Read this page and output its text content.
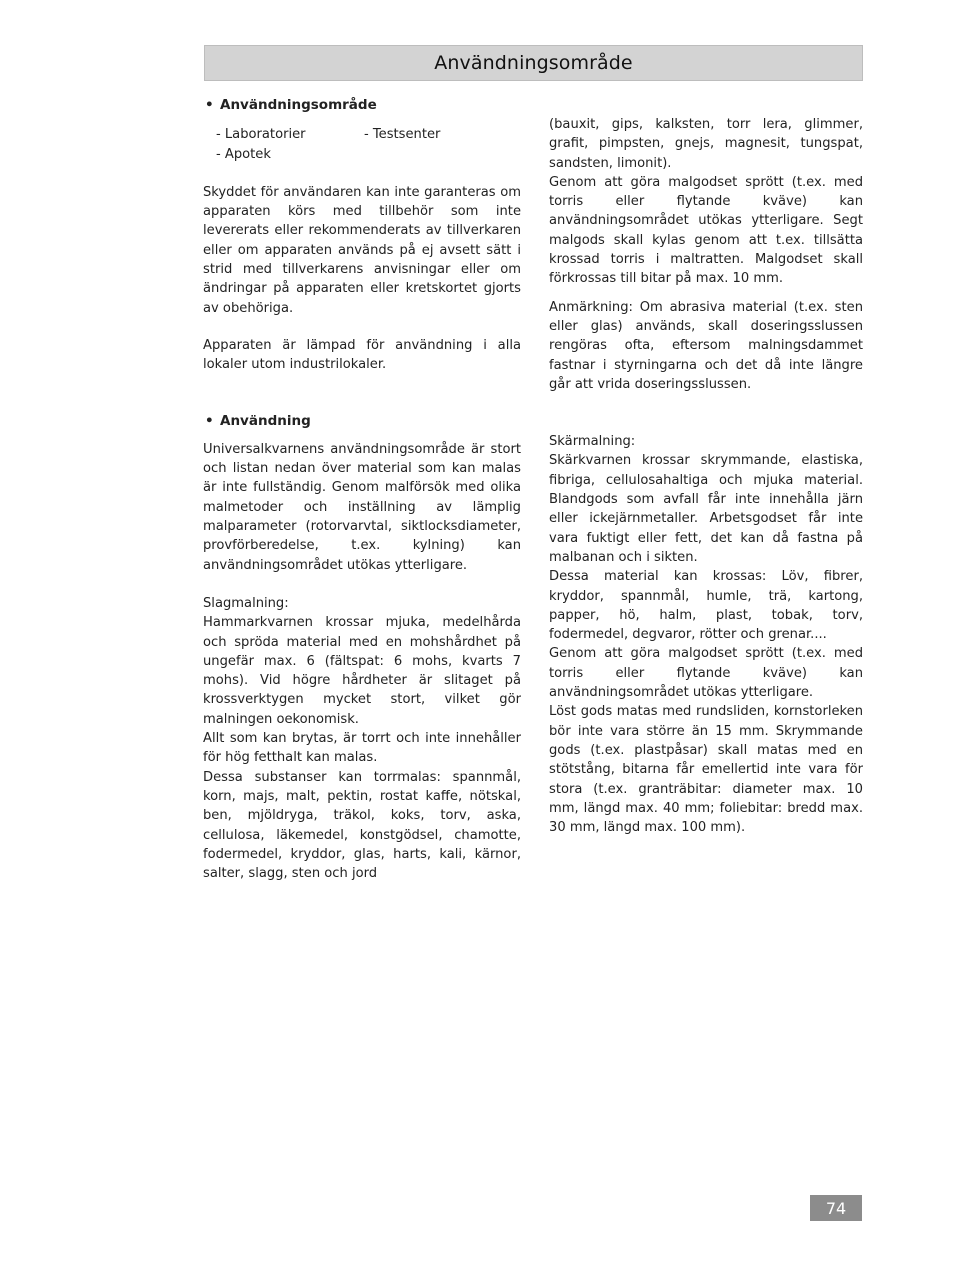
Användningsområde
• Användningsområde
- Laboratorier	- Testsenter
- Apotek

Skyddet för användaren kan inte garanteras om apparaten körs med tillbehör som inte levererats eller rekommenderats av tillverkaren eller om apparaten används på ej avsett sätt i strid med tillverkarens anvisningar eller om ändringar på apparaten eller kretskortet gjorts av obehöriga.

Apparaten är lämpad för användning i alla lokaler utom industrilokaler.

• Användning

Universalkvarnens användningsområde är stort och listan nedan över material som kan malas är inte fullständig. Genom malförsök med olika malmetoder och inställning av lämplig malparameter (rotorvarvtal, siktlocksdiameter, provförberedelse, t.ex. kylning) kan användningsområdet utökas ytterligare.

Slagmalning:

Hammarkvarnen krossar mjuka, medelhårda och spröda material med en mohshårdhet på ungefär max. 6 (fältspat: 6 mohs, kvarts 7 mohs). Vid högre hårdheter är slitaget på krossverktygen mycket stort, vilket gör malningen oekonomisk.

Allt som kan brytas, är torrt och inte innehåller för hög fetthalt kan malas.

Dessa substanser kan torrmalas: spannmål, korn, majs, malt, pektin, rostat kaffe, nötskal, ben, mjöldryga, träkol, koks, torv, aska, cellulosa, läkemedel, konstgödsel, chamotte, fodermedel, kryddor, glas, harts, kali, kärnor, salter, slagg, sten och jord

(bauxit, gips, kalksten, torr lera, glimmer, grafit, pimpsten, gnejs, magnesit, tungspat, sandsten, limonit).

Genom att göra malgodset sprött (t.ex. med torris eller flytande kväve) kan användningsområdet utökas ytterligare. Segt malgods skall kylas genom att t.ex. tillsätta krossad torris i maltratten. Malgodset skall förkrossas till bitar på max. 10 mm.

Anmärkning: Om abrasiva material (t.ex. sten eller glas) används, skall doseringsslussen rengöras ofta, eftersom malningsdammet fastnar i styrningarna och det då inte längre går att vrida doseringsslussen.

Skärmalning:

Skärkvarnen krossar skrymmande, elastiska, fibriga, cellulosahaltiga och mjuka material. Blandgods som avfall får inte innehålla järn eller ickejärnmetaller. Arbetsgodset får inte vara fuktigt eller fett, det kan då fastna på malbanan och i sikten.

Dessa material kan krossas: Löv, fibrer, kryddor, spannmål, humle, trä, kartong, papper, hö, halm, plast, tobak, torv, fodermedel, degvaror, rötter och grenar....

Genom att göra malgodset sprött (t.ex. med torris eller flytande kväve) kan användningsområdet utökas ytterligare.

Löst gods matas med rundsliden, kornstorleken bör inte vara större än 15 mm. Skrymmande gods (t.ex. plastpåsar) skall matas med en stötstång, bitarna får emellertid inte vara för stora (t.ex. granträbitar: diameter max. 10 mm, längd max. 40 mm; foliebitar: bredd max. 30 mm, längd max. 100 mm).

74
